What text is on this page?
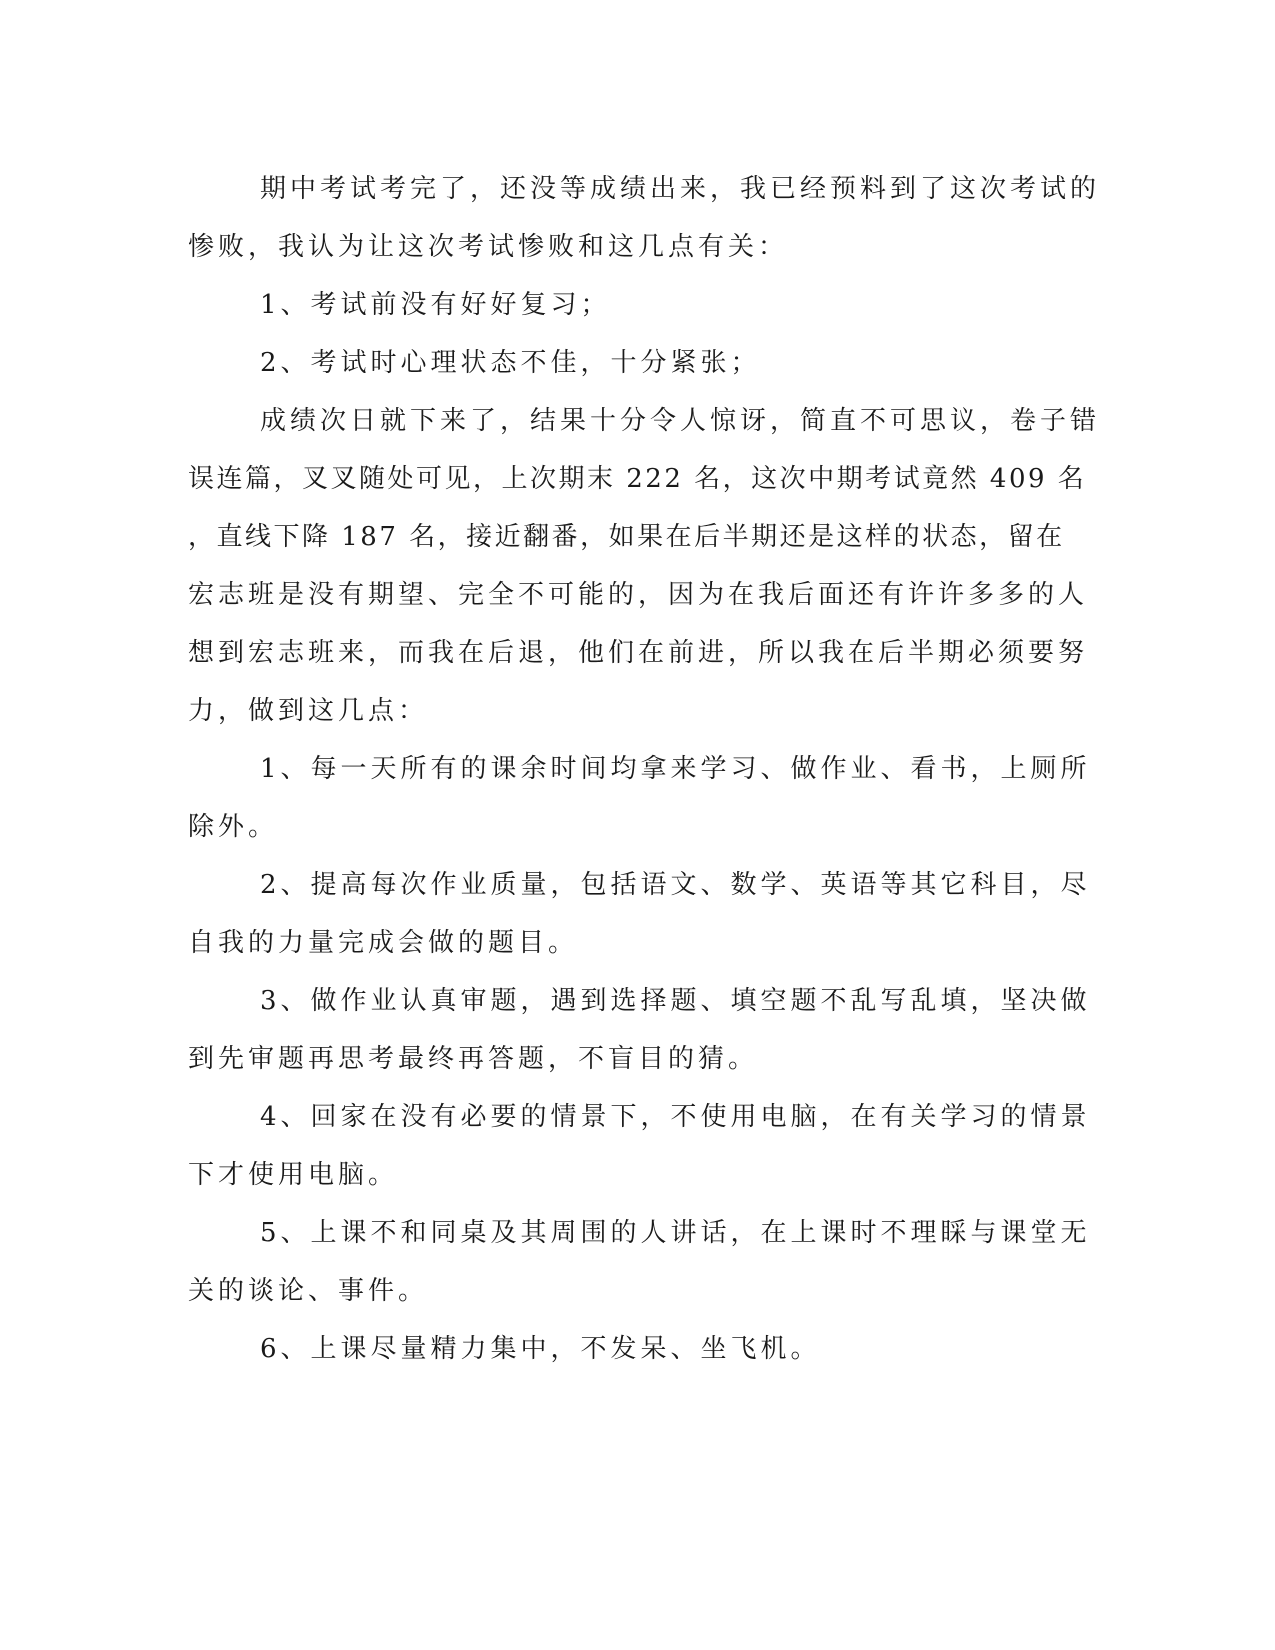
期中考试考完了，还没等成绩出来，我已经预料到了这次考试的
惨败，我认为让这次考试惨败和这几点有关：
1、考试前没有好好复习；
2、考试时心理状态不佳，十分紧张；
成绩次日就下来了，结果十分令人惊讶，简直不可思议，卷子错
误连篇，叉叉随处可见，上次期末 222 名，这次中期考试竟然 409 名
，直线下降 187 名，接近翻番，如果在后半期还是这样的状态，留在
宏志班是没有期望、完全不可能的，因为在我后面还有许许多多的人
想到宏志班来，而我在后退，他们在前进，所以我在后半期必须要努
力，做到这几点：
1、每一天所有的课余时间均拿来学习、做作业、看书，上厕所
除外。
2、提高每次作业质量，包括语文、数学、英语等其它科目，尽
自我的力量完成会做的题目。
3、做作业认真审题，遇到选择题、填空题不乱写乱填，坚决做
到先审题再思考最终再答题，不盲目的猜。
4、回家在没有必要的情景下，不使用电脑，在有关学习的情景
下才使用电脑。
5、上课不和同桌及其周围的人讲话，在上课时不理睬与课堂无
关的谈论、事件。
6、上课尽量精力集中，不发呆、坐飞机。
